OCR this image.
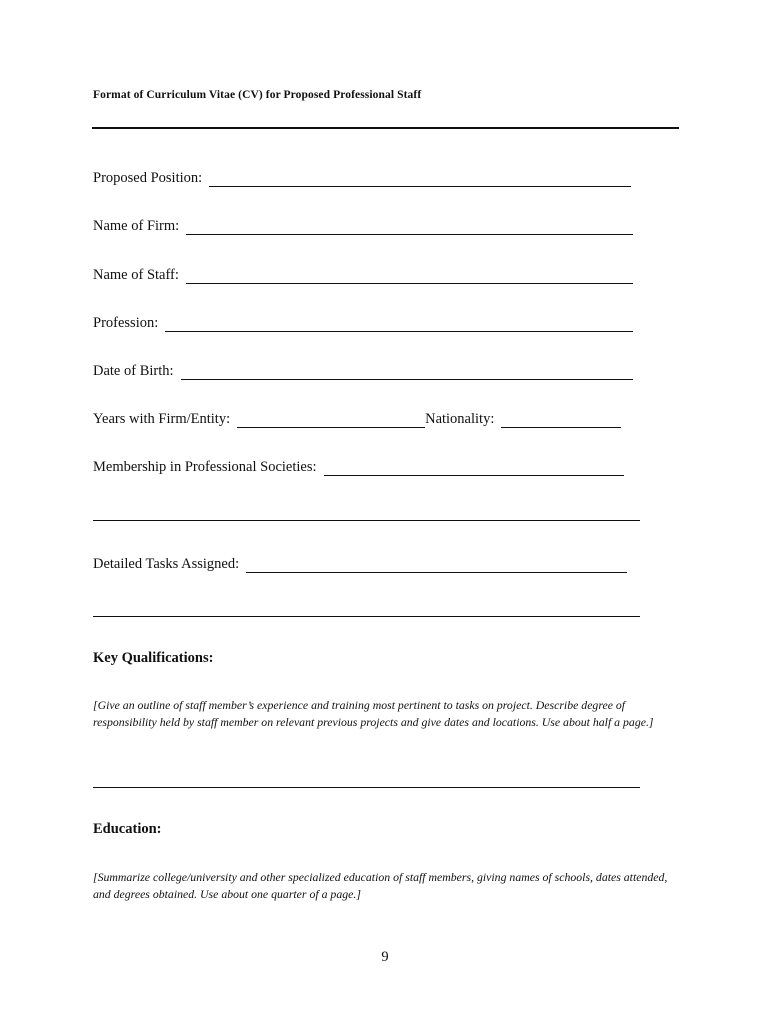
Format of Curriculum Vitae (CV) for Proposed Professional Staff
Proposed Position:
Name of Firm:
Name of Staff:
Profession:
Date of Birth:
Years with Firm/Entity:	Nationality:
Membership in Professional Societies:
Detailed Tasks Assigned:
Key Qualifications:
[Give an outline of staff member’s experience and training most pertinent to tasks on project. Describe degree of responsibility held by staff member on relevant previous projects and give dates and locations. Use about half a page.]
Education:
[Summarize college/university and other specialized education of staff members, giving names of schools, dates attended, and degrees obtained. Use about one quarter of a page.]
9
